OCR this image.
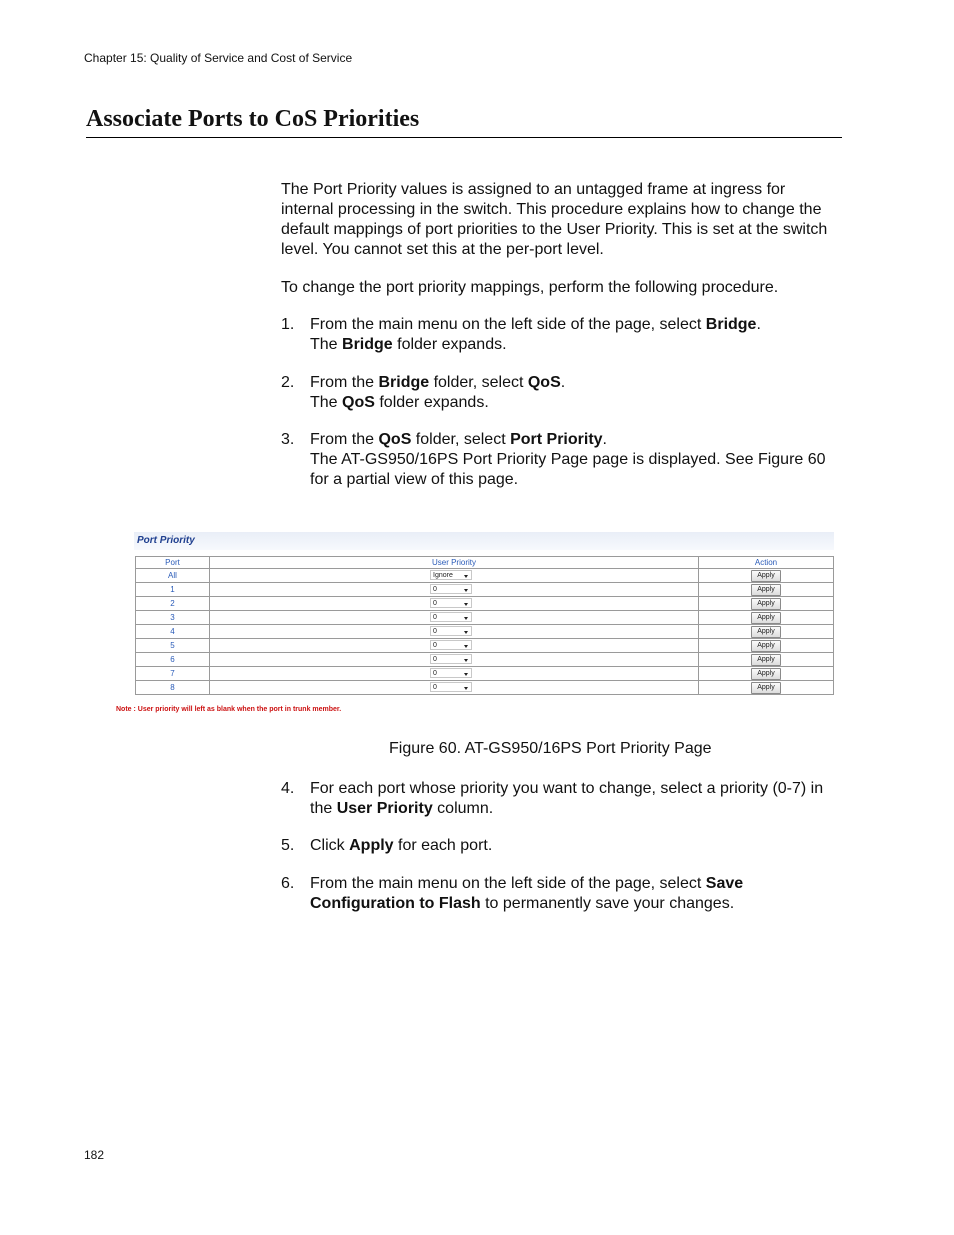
Chapter 15: Quality of Service and Cost of Service
Associate Ports to CoS Priorities

The Port Priority values is assigned to an untagged frame at ingress for internal processing in the switch. This procedure explains how to change the default mappings of port priorities to the User Priority. This is set at the switch level. You cannot set this at the per-port level.

To change the port priority mappings, perform the following procedure.

1. From the main menu on the left side of the page, select Bridge.
The Bridge folder expands.
2. From the Bridge folder, select QoS.
The QoS folder expands.
3. From the QoS folder, select Port Priority.
The AT-GS950/16PS Port Priority Page page is displayed. See Figure 60 for a partial view of this page.
Port Priority
Port	User Priority	Action
All	Ignore	Apply
1	0	Apply
2	0	Apply
3	0	Apply
4	0	Apply
5	0	Apply
6	0	Apply
7	0	Apply
8	0	Apply
Note : User priority will left as blank when the port in trunk member.
Figure 60. AT-GS950/16PS Port Priority Page
4. For each port whose priority you want to change, select a priority (0-7) in the User Priority column.
5. Click Apply for each port.
6. From the main menu on the left side of the page, select Save Configuration to Flash to permanently save your changes.
182
